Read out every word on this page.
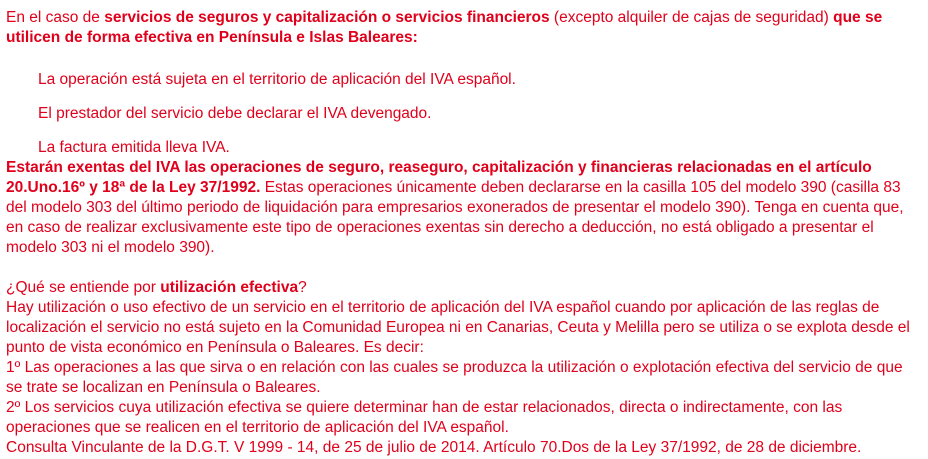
En el caso de servicios de seguros y capitalización o servicios financieros (excepto alquiler de cajas de seguridad) que se utilicen de forma efectiva en Península e Islas Baleares:

La operación está sujeta en el territorio de aplicación del IVA español.

El prestador del servicio debe declarar el IVA devengado.

La factura emitida lleva IVA.

Estarán exentas del IVA las operaciones de seguro, reaseguro, capitalización y financieras relacionadas en el artículo 20.Uno.16º y 18ª de la Ley 37/1992. Estas operaciones únicamente deben declararse en la casilla 105 del modelo 390 (casilla 83 del modelo 303 del último periodo de liquidación para empresarios exonerados de presentar el modelo 390). Tenga en cuenta que, en caso de realizar exclusivamente este tipo de operaciones exentas sin derecho a deducción, no está obligado a presentar el modelo 303 ni el modelo 390).

¿Qué se entiende por utilización efectiva?

Hay utilización o uso efectivo de un servicio en el territorio de aplicación del IVA español cuando por aplicación de las reglas de localización el servicio no está sujeto en la Comunidad Europea ni en Canarias, Ceuta y Melilla pero se utiliza o se explota desde el punto de vista económico en Península o Baleares. Es decir:

1º Las operaciones a las que sirva o en relación con las cuales se produzca la utilización o explotación efectiva del servicio de que se trate se localizan en Península o Baleares.

2º Los servicios cuya utilización efectiva se quiere determinar han de estar relacionados, directa o indirectamente, con las operaciones que se realicen en el territorio de aplicación del IVA español.

Consulta Vinculante de la D.G.T. V 1999 - 14, de 25 de julio de 2014. Artículo 70.Dos de la Ley 37/1992, de 28 de diciembre.
